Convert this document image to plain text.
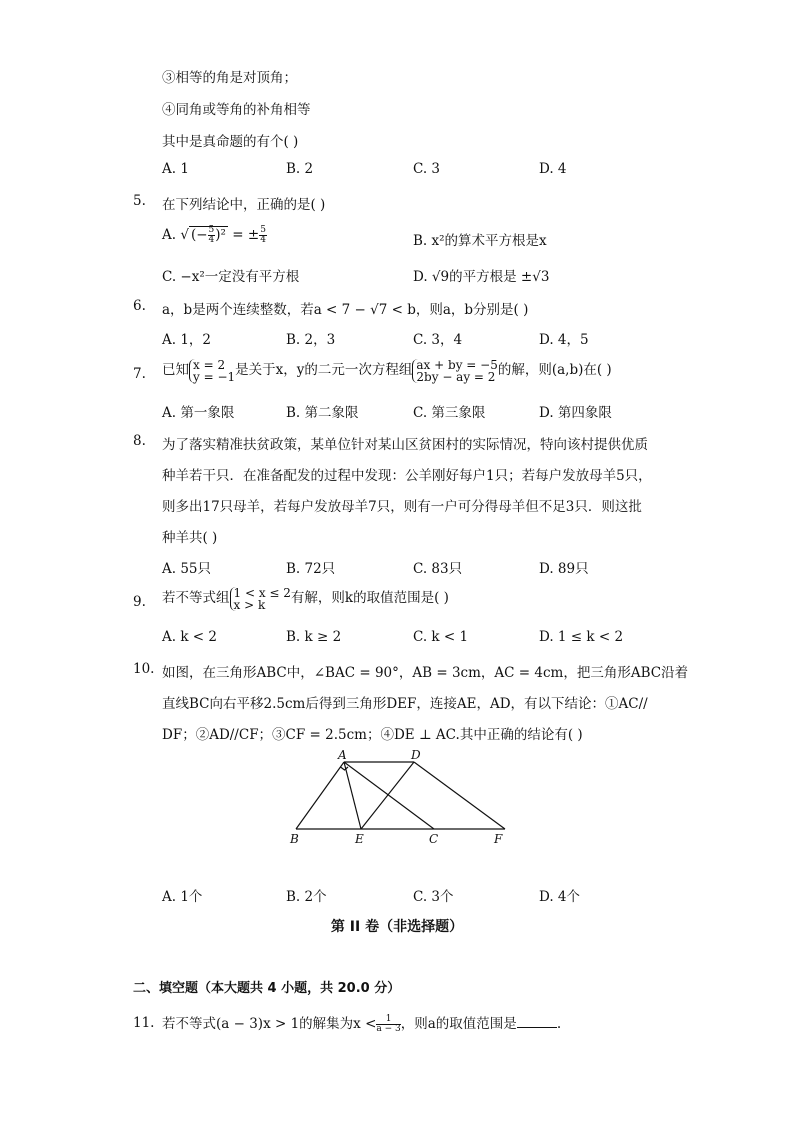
③相等的角是对顶角；
④同角或等角的补角相等
其中是真命题的有个( )
A. 1	B. 2	C. 3	D. 4
5. 在下列结论中，正确的是( )
A. √ (− $\frac{5}{4} )^2$ = ± $\frac{5}{4}$	B. x²的算术平方根是x
C. −x²一定没有平方根	D. √9的平方根是 ±√3
6. a，b是两个连续整数，若a < 7 − √7 < b，则a，b分别是( )
A. 1，2	B. 2，3	C. 3，4	D. 4，5
7. 已知 x = 2
y = −1 是关于x，y的二元一次方程组 ax + by = −5
2by − ay = 2 的解，则(a,b)在( )
A. 第一象限	B. 第二象限	C. 第三象限	D. 第四象限
8. 为了落实精准扶贫政策，某单位针对某山区贫困村的实际情况，特向该村提供优质
种羊若干只．在准备配发的过程中发现：公羊刚好每户1只；若每户发放母羊5只，
则多出17只母羊，若每户发放母羊7只，则有一户可分得母羊但不足3只．则这批
种羊共( )
A. 55只	B. 72只	C. 83只	D. 89只
9. 若不等式组 1 < x ≤ 2
x > k	有解，则k的取值范围是( )
A. k < 2	B. k ≥ 2	C. k < 1	D. 1 ≤ k < 2
10. 如图，在三角形ABC中，∠BAC = 90°，AB = 3cm，AC = 4cm，把三角形ABC沿着
直线BC向右平移2.5cm后得到三角形DEF，连接AE，AD，有以下结论：①AC//
DF；②AD//CF；③CF = 2.5cm；④DE ⊥ AC.其中正确的结论有( )
A	D
B	E	C	F
A. 1个	B. 2个	C. 3个	D. 4个
第 II 卷（非选择题）
二、填空题（本大题共 4 小题，共 20.0 分）
11. 若不等式(a − 3)x > 1的解集为$x < \frac{1}{a - 3}$ ，则a的取值范围是	.
